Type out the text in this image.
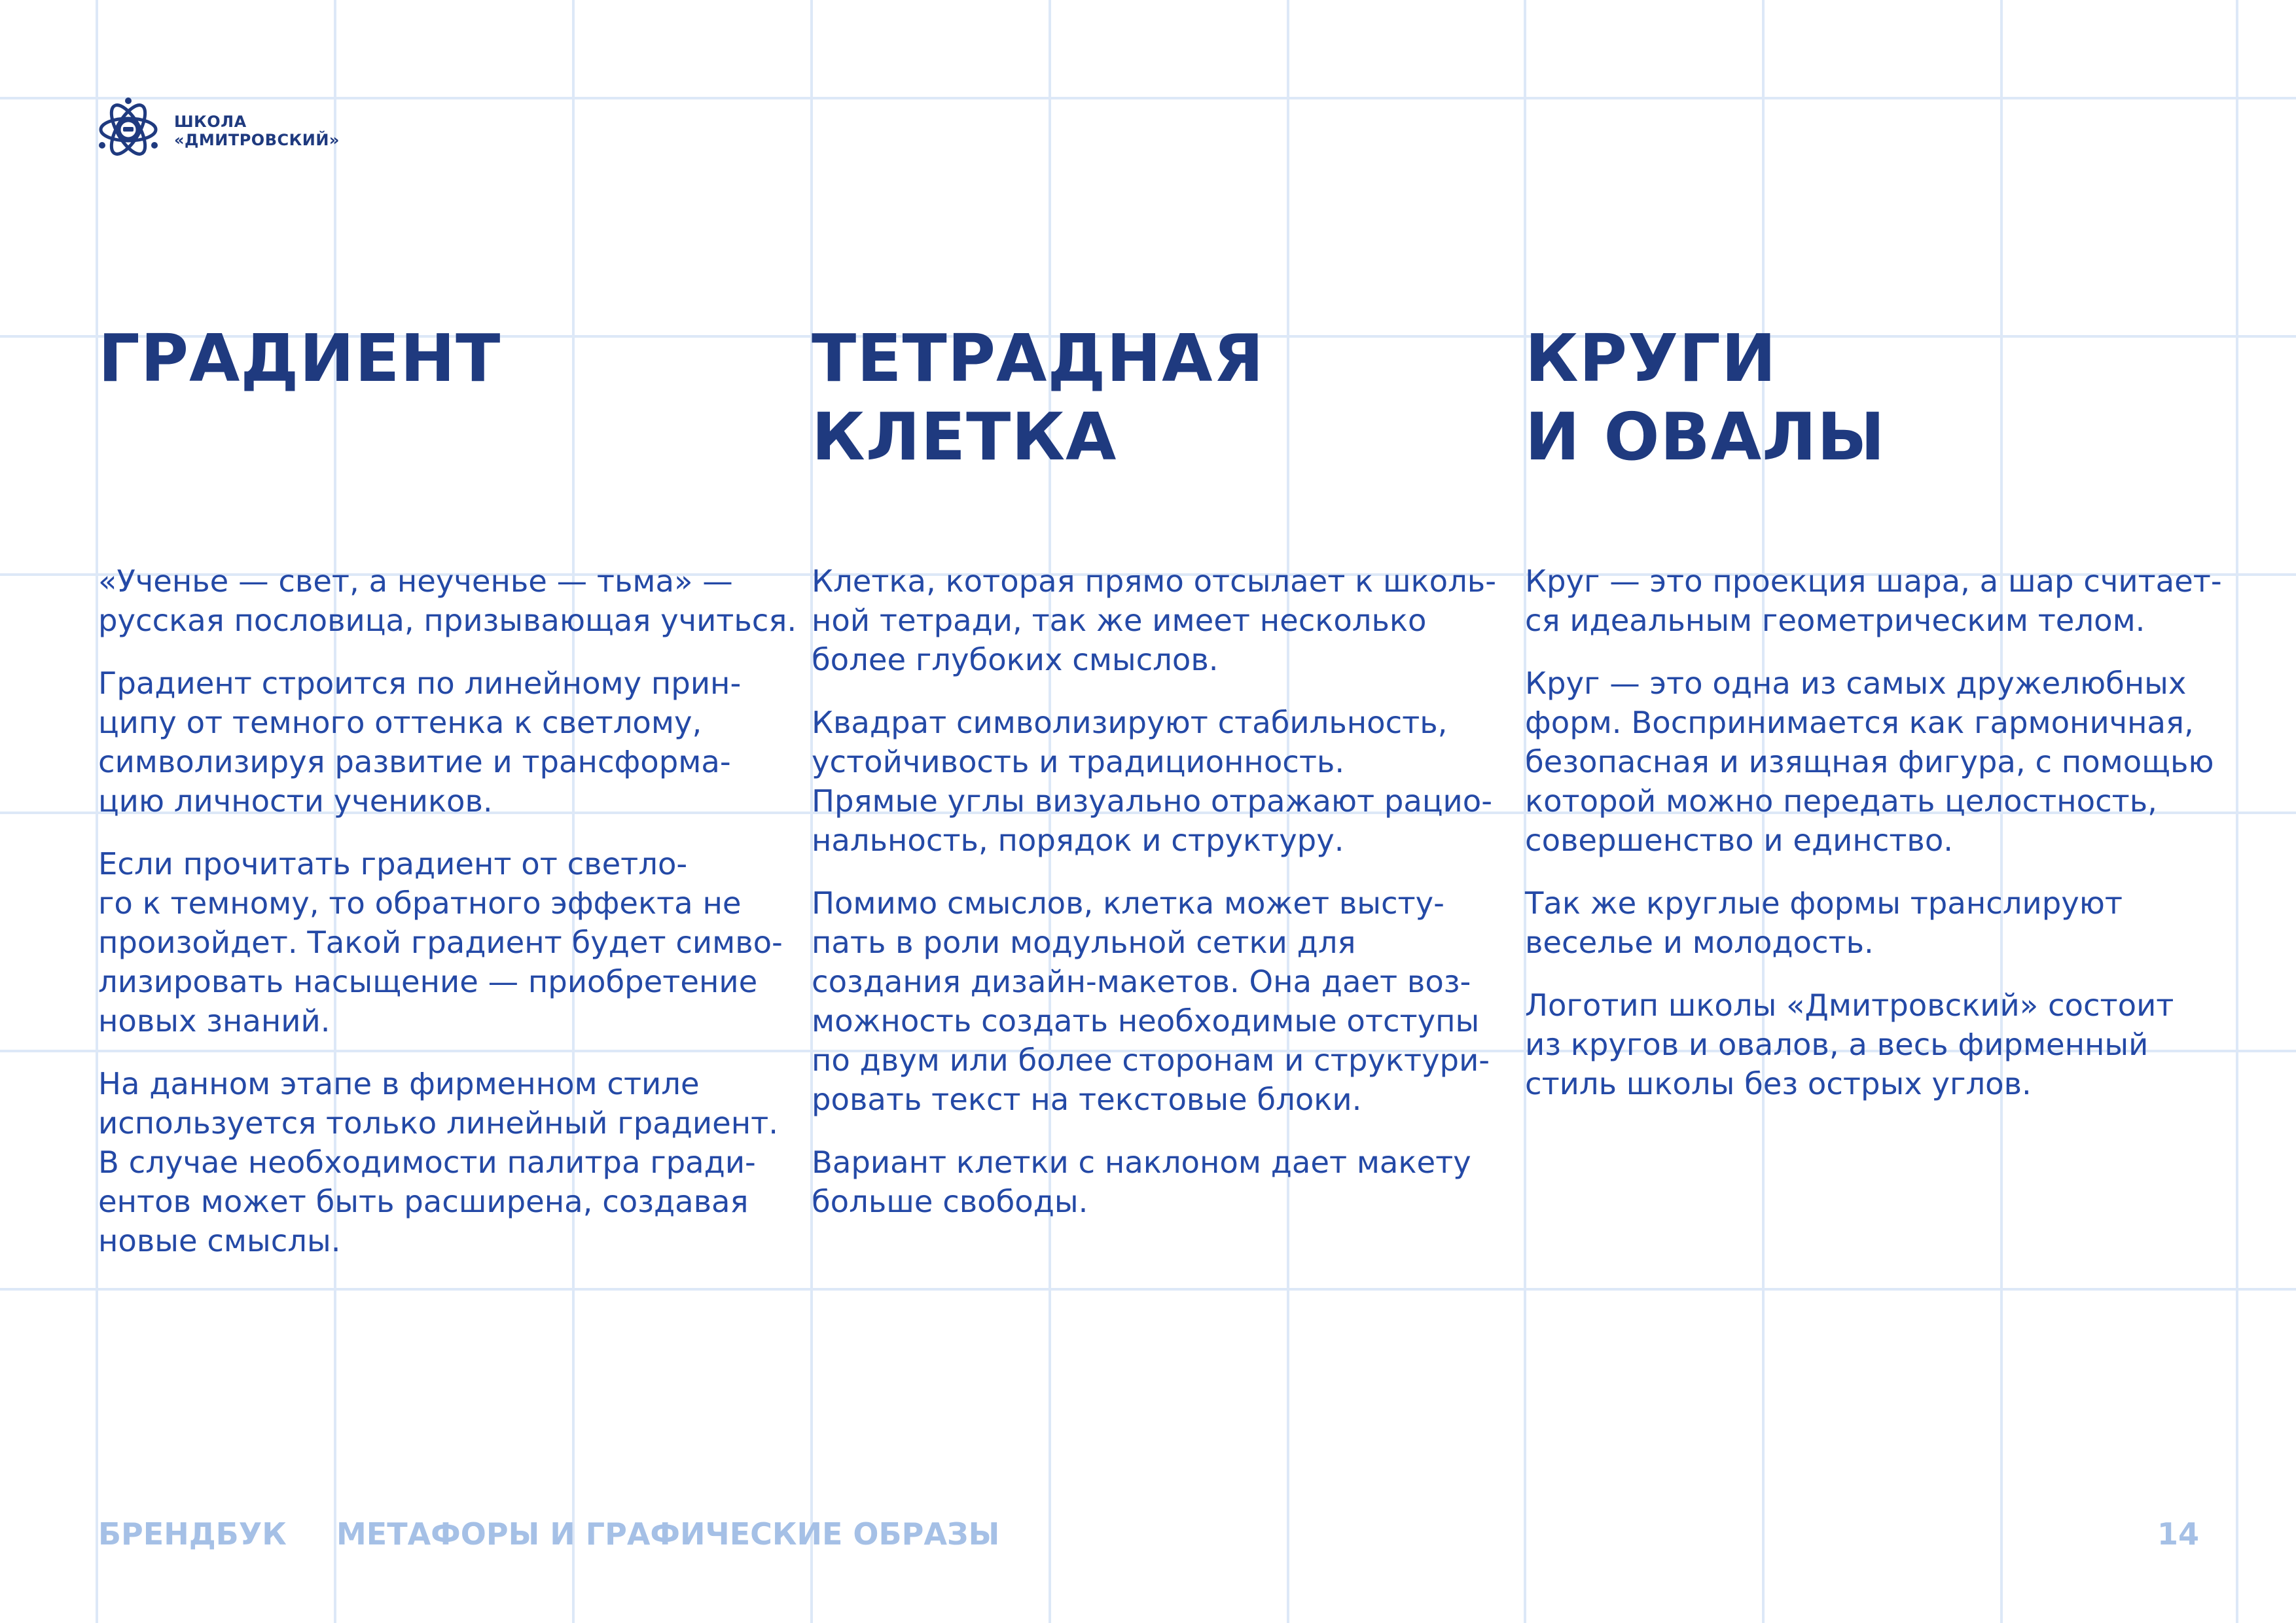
ШКОЛА
«ДМИТРОВСКИЙ»
ГРАДИЕНТ
«Ученье — свет, а неученье — тьма» —
русская пословица, призывающая учиться.
Градиент строится по линейному прин-
ципу от темного оттенка к светлому,
символизируя развитие и трансформа-
цию личности учеников.
Если прочитать градиент от светло-
го к темному, то обратного эффекта не
произойдет. Такой градиент будет симво-
лизировать насыщение — приобретение
новых знаний.
На данном этапе в фирменном стиле
используется только линейный градиент.
В случае необходимости палитра гради-
ентов может быть расширена, создавая
новые смыслы.
ТЕТРАДНАЯ
КЛЕТКА
Клетка, которая прямо отсылает к школь-
ной тетради, так же имеет несколько
более глубоких смыслов.
Квадрат символизируют стабильность,
устойчивость и традиционность.
Прямые углы визуально отражают рацио-
нальность, порядок и структуру.
Помимо смыслов, клетка может высту-
пать в роли модульной сетки для
создания дизайн-макетов. Она дает воз-
можность создать необходимые отступы
по двум или более сторонам и структури-
ровать текст на текстовые блоки.
Вариант клетки с наклоном дает макету
больше свободы.
КРУГИ
И ОВАЛЫ
Круг — это проекция шара, а шар считает-
ся идеальным геометрическим телом.
Круг — это одна из самых дружелюбных
форм. Воспринимается как гармоничная,
безопасная и изящная фигура, с помощью
которой можно передать целостность,
совершенство и единство.
Так же круглые формы транслируют
веселье и молодость.
Логотип школы «Дмитровский» состоит
из кругов и овалов, а весь фирменный
стиль школы без острых углов.
БРЕНДБУК МЕТАФОРЫ И ГРАФИЧЕСКИЕ ОБРАЗЫ	14
